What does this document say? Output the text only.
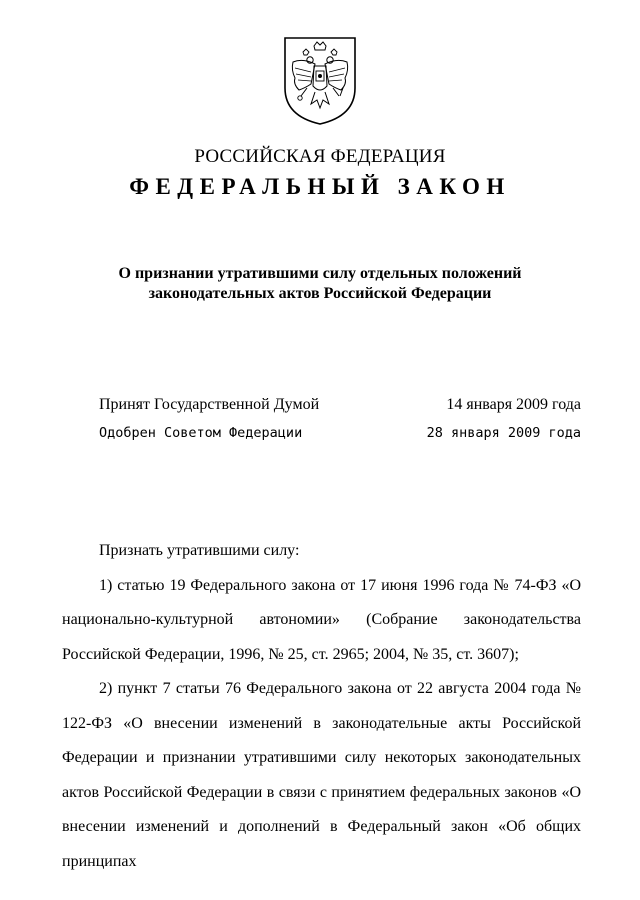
РОССИЙСКАЯ ФЕДЕРАЦИЯ
ФЕДЕРАЛЬНЫЙ ЗАКОН
О признании утратившими силу отдельных положений
законодательных актов Российской Федерации
Принят Государственной Думой	14 января 2009 года
Одобрен Советом Федерации	28 января 2009 года

Признать утратившими силу:

1) статью 19 Федерального закона от 17 июня 1996 года № 74-ФЗ «О национально-культурной автономии» (Собрание законодательства Российской Федерации, 1996, № 25, ст. 2965; 2004, № 35, ст. 3607);

2) пункт 7 статьи 76 Федерального закона от 22 августа 2004 года № 122-ФЗ «О внесении изменений в законодательные акты Российской Федерации и признании утратившими силу некоторых законодательных актов Российской Федерации в связи с принятием федеральных законов «О внесении изменений и дополнений в Федеральный закон «Об общих принципах
